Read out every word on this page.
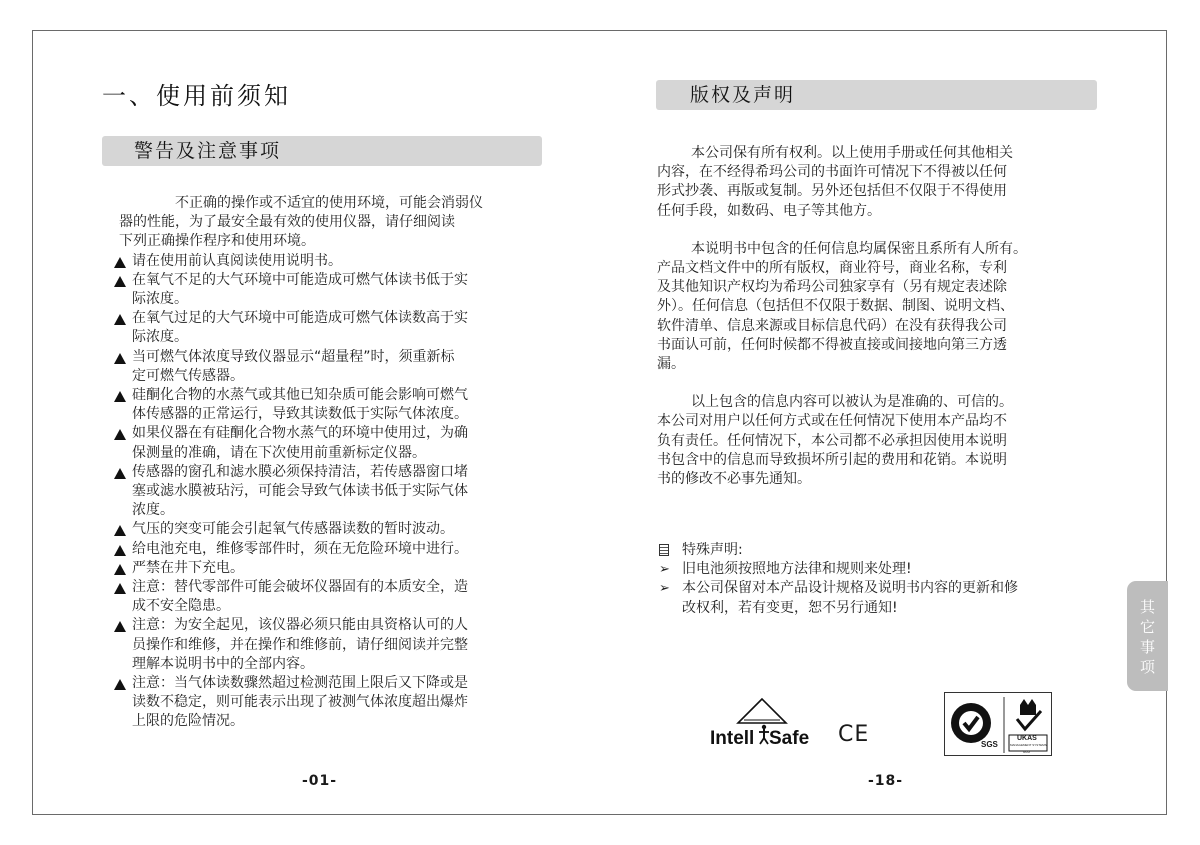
一、使用前须知
警告及注意事项
不正确的操作或不适宜的使用环境，可能会消弱仪
器的性能，为了最安全最有效的使用仪器，请仔细阅读
下列正确操作程序和使用环境。
请在使用前认真阅读使用说明书。
在氧气不足的大气环境中可能造成可燃气体读书低于实
际浓度。
在氧气过足的大气环境中可能造成可燃气体读数高于实
际浓度。
当可燃气体浓度导致仪器显示“超量程”时，须重新标
定可燃气传感器。
硅酮化合物的水蒸气或其他已知杂质可能会影响可燃气
体传感器的正常运行，导致其读数低于实际气体浓度。
如果仪器在有硅酮化合物水蒸气的环境中使用过，为确
保测量的准确，请在下次使用前重新标定仪器。
传感器的窗孔和滤水膜必须保持清洁，若传感器窗口堵
塞或滤水膜被玷污，可能会导致气体读书低于实际气体
浓度。
气压的突变可能会引起氧气传感器读数的暂时波动。
给电池充电，维修零部件时，须在无危险环境中进行。
严禁在井下充电。
注意：替代零部件可能会破坏仪器固有的本质安全，造
成不安全隐患。
注意：为安全起见，该仪器必须只能由具资格认可的人
员操作和维修，并在操作和维修前，请仔细阅读并完整
理解本说明书中的全部内容。
注意：当气体读数骤然超过检测范围上限后又下降或是
读数不稳定，则可能表示出现了被测气体浓度超出爆炸
上限的危险情况。
-01-
版权及声明
本公司保有所有权利。以上使用手册或任何其他相关
内容，在不经得希玛公司的书面许可情况下不得被以任何
形式抄袭、再版或复制。另外还包括但不仅限于不得使用
任何手段，如数码、电子等其他方。
本说明书中包含的任何信息均属保密且系所有人所有。
产品文档文件中的所有版权，商业符号，商业名称，专利
及其他知识产权均为希玛公司独家享有（另有规定表述除
外）。任何信息（包括但不仅限于数据、制图、说明文档、
软件清单、信息来源或目标信息代码）在没有获得我公司
书面认可前，任何时候都不得被直接或间接地向第三方透
漏。
以上包含的信息内容可以被认为是准确的、可信的。
本公司对用户以任何方式或在任何情况下使用本产品均不
负有责任。任何情况下，本公司都不必承担因使用本说明
书包含中的信息而导致损坏所引起的费用和花销。本说明
书的修改不必事先通知。
特殊声明:
➢ 旧电池须按照地方法律和规则来处理!
➢ 本公司保留对本产品设计规格及说明书内容的更新和修
改权利，若有变更，恕不另行通知!
-18-
其
它
事
项
Intell Safe CE	SGS
UKAS
MANAGEMENT SYSTEMS
005
